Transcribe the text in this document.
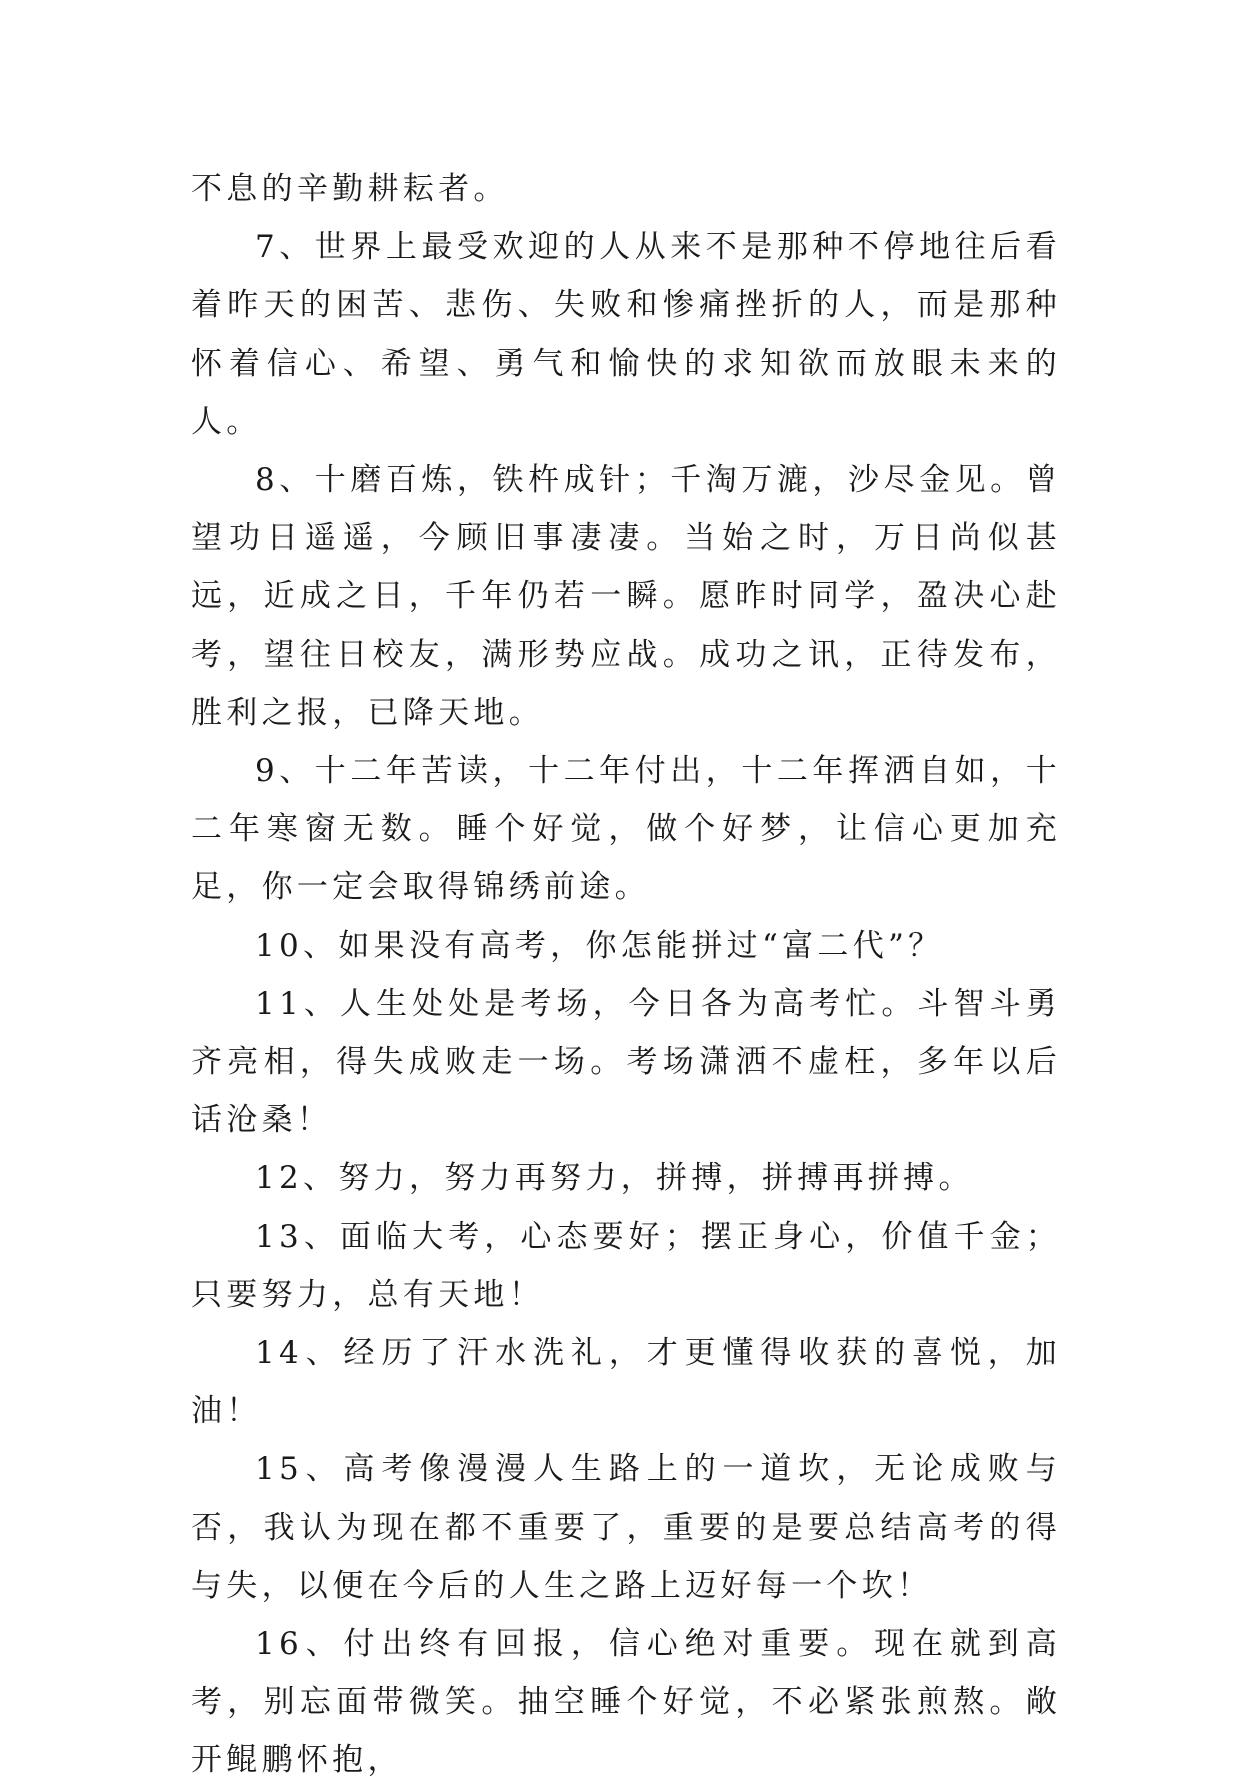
不息的辛勤耕耘者。

7、世界上最受欢迎的人从来不是那种不停地往后看着昨天的困苦、悲伤、失败和惨痛挫折的人，而是那种怀着信心、希望、勇气和愉快的求知欲而放眼未来的人。

8、十磨百炼，铁杵成针；千淘万漉，沙尽金见。曾望功日遥遥，今顾旧事凄凄。当始之时，万日尚似甚远，近成之日，千年仍若一瞬。愿昨时同学，盈决心赴考，望往日校友，满形势应战。成功之讯，正待发布，胜利之报，已降天地。

9、十二年苦读，十二年付出，十二年挥洒自如，十二年寒窗无数。睡个好觉，做个好梦，让信心更加充足，你一定会取得锦绣前途。

10、如果没有高考，你怎能拼过“富二代”？

11、人生处处是考场，今日各为高考忙。斗智斗勇齐亮相，得失成败走一场。考场潇洒不虚枉，多年以后话沧桑！

12、努力，努力再努力，拼搏，拼搏再拼搏。

13、面临大考，心态要好；摆正身心，价值千金；只要努力，总有天地！

14、经历了汗水洗礼，才更懂得收获的喜悦，加油！

15、高考像漫漫人生路上的一道坎，无论成败与否，我认为现在都不重要了，重要的是要总结高考的得与失，以便在今后的人生之路上迈好每一个坎！

16、付出终有回报，信心绝对重要。现在就到高考，别忘面带微笑。抽空睡个好觉，不必紧张煎熬。敞开鲲鹏怀抱，
